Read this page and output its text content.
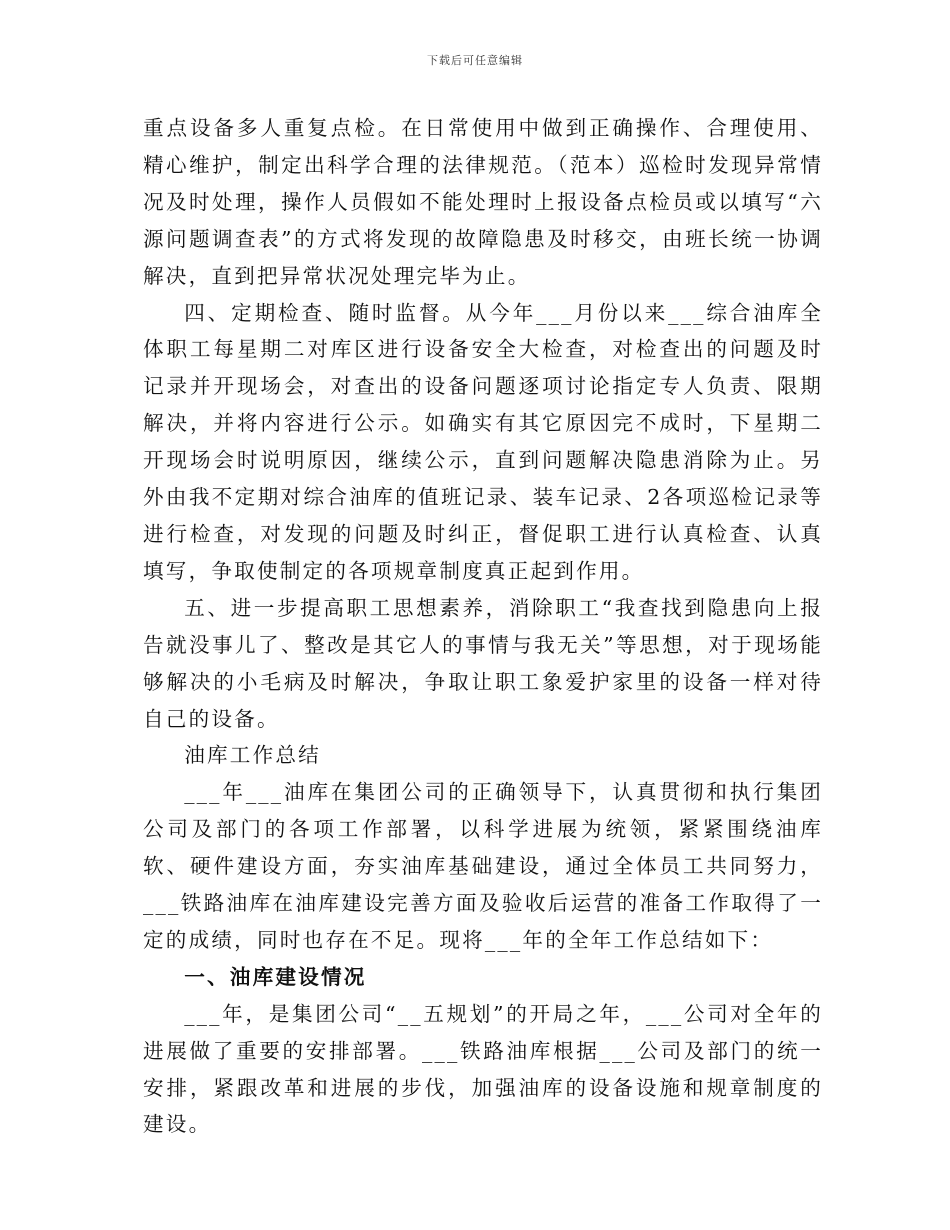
下载后可任意编辑

重点设备多人重复点检。在日常使用中做到正确操作、合理使用、精心维护，制定出科学合理的法律规范。（范本）巡检时发现异常情况及时处理，操作人员假如不能处理时上报设备点检员或以填写“六源问题调查表”的方式将发现的故障隐患及时移交，由班长统一协调解决，直到把异常状况处理完毕为止。

四、定期检查、随时监督。从今年___月份以来___综合油库全体职工每星期二对库区进行设备安全大检查，对检查出的问题及时记录并开现场会，对查出的设备问题逐项讨论指定专人负责、限期解决，并将内容进行公示。如确实有其它原因完不成时，下星期二开现场会时说明原因，继续公示，直到问题解决隐患消除为止。另外由我不定期对综合油库的值班记录、装车记录、2各项巡检记录等进行检查，对发现的问题及时纠正，督促职工进行认真检查、认真填写，争取使制定的各项规章制度真正起到作用。

五、进一步提高职工思想素养，消除职工“我查找到隐患向上报告就没事儿了、整改是其它人的事情与我无关”等思想，对于现场能够解决的小毛病及时解决，争取让职工象爱护家里的设备一样对待自己的设备。

油库工作总结

___年___油库在集团公司的正确领导下，认真贯彻和执行集团公司及部门的各项工作部署，以科学进展为统领，紧紧围绕油库软、硬件建设方面，夯实油库基础建设，通过全体员工共同努力，___铁路油库在油库建设完善方面及验收后运营的准备工作取得了一定的成绩，同时也存在不足。现将___年的全年工作总结如下：

一、油库建设情况

___年，是集团公司“__五规划”的开局之年，___公司对全年的进展做了重要的安排部署。___铁路油库根据___公司及部门的统一安排，紧跟改革和进展的步伐，加强油库的设备设施和规章制度的建设。
